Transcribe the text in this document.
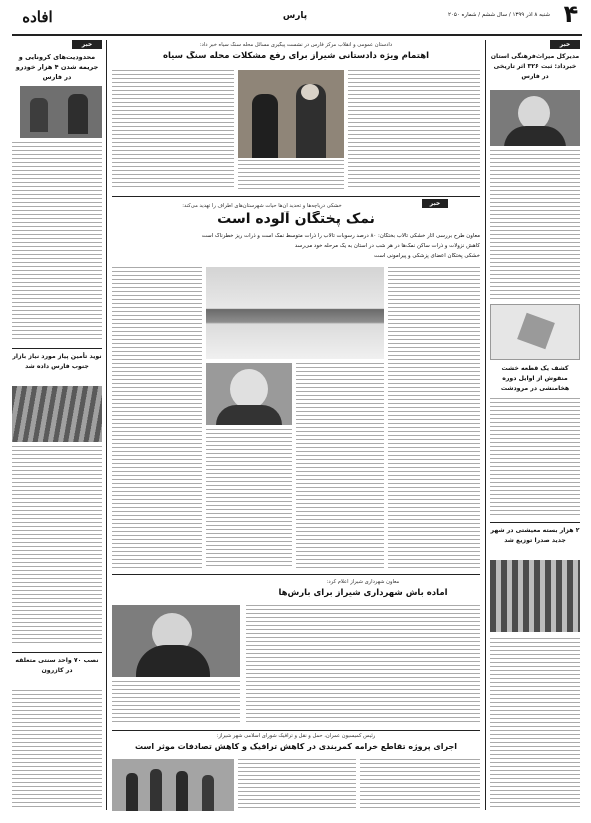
افاده	۴
شنبه ۸ آذر ۱۳۹۹ / سال ششم / شماره ۲۰۵۰
پارس
خبر
محدودیت‌های کرونایی و جریمه شدن ۴ هزار خودرو در فارس
نوید تأمین پیاز مورد نیاز بازار جنوب فارس داده شد
نصب ۷۰ واحد سنتی متعلقه در کازرون
خبر
مدیرکل میراث‌فرهنگی استان خبرداد: ثبت ۳۲۶ اثر تاریخی در فارس
کشف یک قطعه خشت منقوش از اوایل دوره هخامنشی در مرودشت
۲ هزار بسته معیشتی در شهر جدید صدرا توزیع شد
دادستان عمومی و انقلاب مرکز فارس در نشست پیگیری مسائل محله سنگ سیاه خبر داد:
اهتمام ویژه دادستانی شیراز برای رفع مشکلات محله سنگ سیاه
خبر
خشکی دریاچه‌ها و تحدید آن‌ها حیات شهرستان‌های اطراف را تهدید می‌کند:
نمک پختگان آلوده است
معاون طرح بررسی آثار خشکی تالاب بختگان: ۸۰ درصد رسوبات تالاب را ذرات متوسط نمک است و ذرات ریز خطرناک است
کاهش نزولات و ذرات ساکن نمک‌ها در هر شب در استان به یک مرحله خود می‌رسد
خشکی پختگان اعضای پزشکی و پیرامونی است
معاون شهرداری شیراز اعلام کرد:
آماده باش شهرداری شیراز برای بارش‌ها
رئیس کمیسیون عمران، حمل و نقل و ترافیک شورای اسلامی شهر شیراز:
اجرای پروژه تقاطع خرامه کمربندی در کاهش ترافیک و کاهش تصادفات موثر است
